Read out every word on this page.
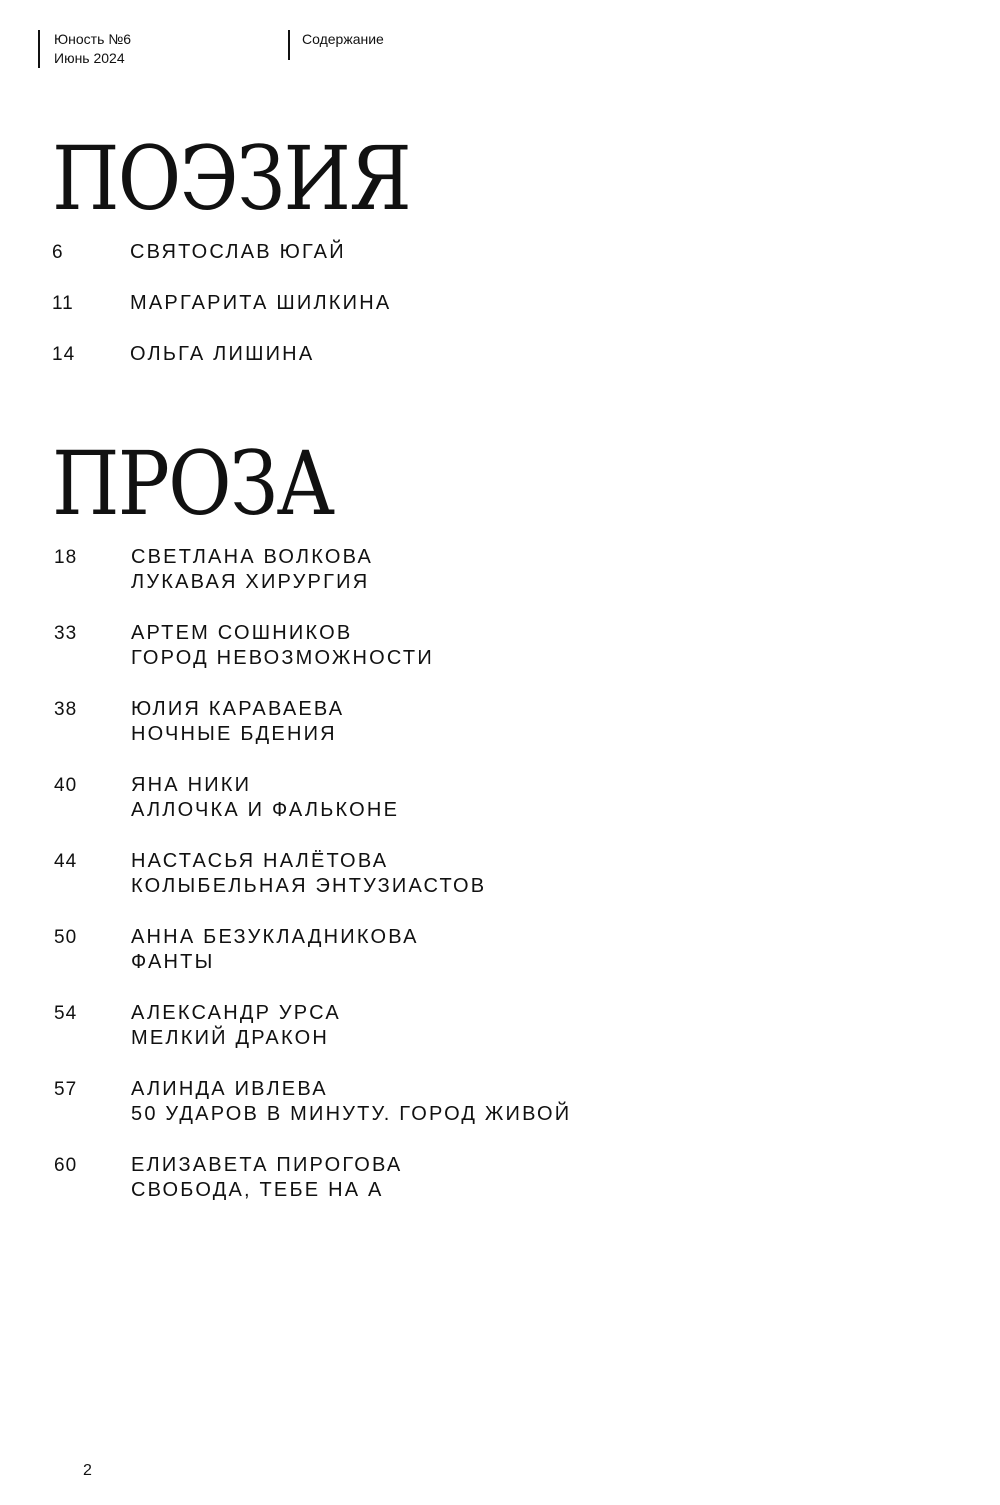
Юность №6
Июнь 2024
Содержание
ПОЭЗИЯ
6	СВЯТОСЛАВ ЮГАЙ
11	МАРГАРИТА ШИЛКИНА
14	ОЛЬГА ЛИШИНА
ПРОЗА
18	СВЕТЛАНА ВОЛКОВА
ЛУКАВАЯ ХИРУРГИЯ
33	АРТЕМ СОШНИКОВ
ГОРОД НЕВОЗМОЖНОСТИ
38	ЮЛИЯ КАРАВАЕВА
НОЧНЫЕ БДЕНИЯ
40	ЯНА НИКИ
АЛЛОЧКА И ФАЛЬКОНЕ
44	НАСТАСЬЯ НАЛЁТОВА
КОЛЫБЕЛЬНАЯ ЭНТУЗИАСТОВ
50	АННА БЕЗУКЛАДНИКОВА
ФАНТЫ
54	АЛЕКСАНДР УРСА
МЕЛКИЙ ДРАКОН
57	АЛИНДА ИВЛЕВА
50 УДАРОВ В МИНУТУ. ГОРОД ЖИВОЙ
60	ЕЛИЗАВЕТА ПИРОГОВА
СВОБОДА, ТЕБЕ НА А
2
